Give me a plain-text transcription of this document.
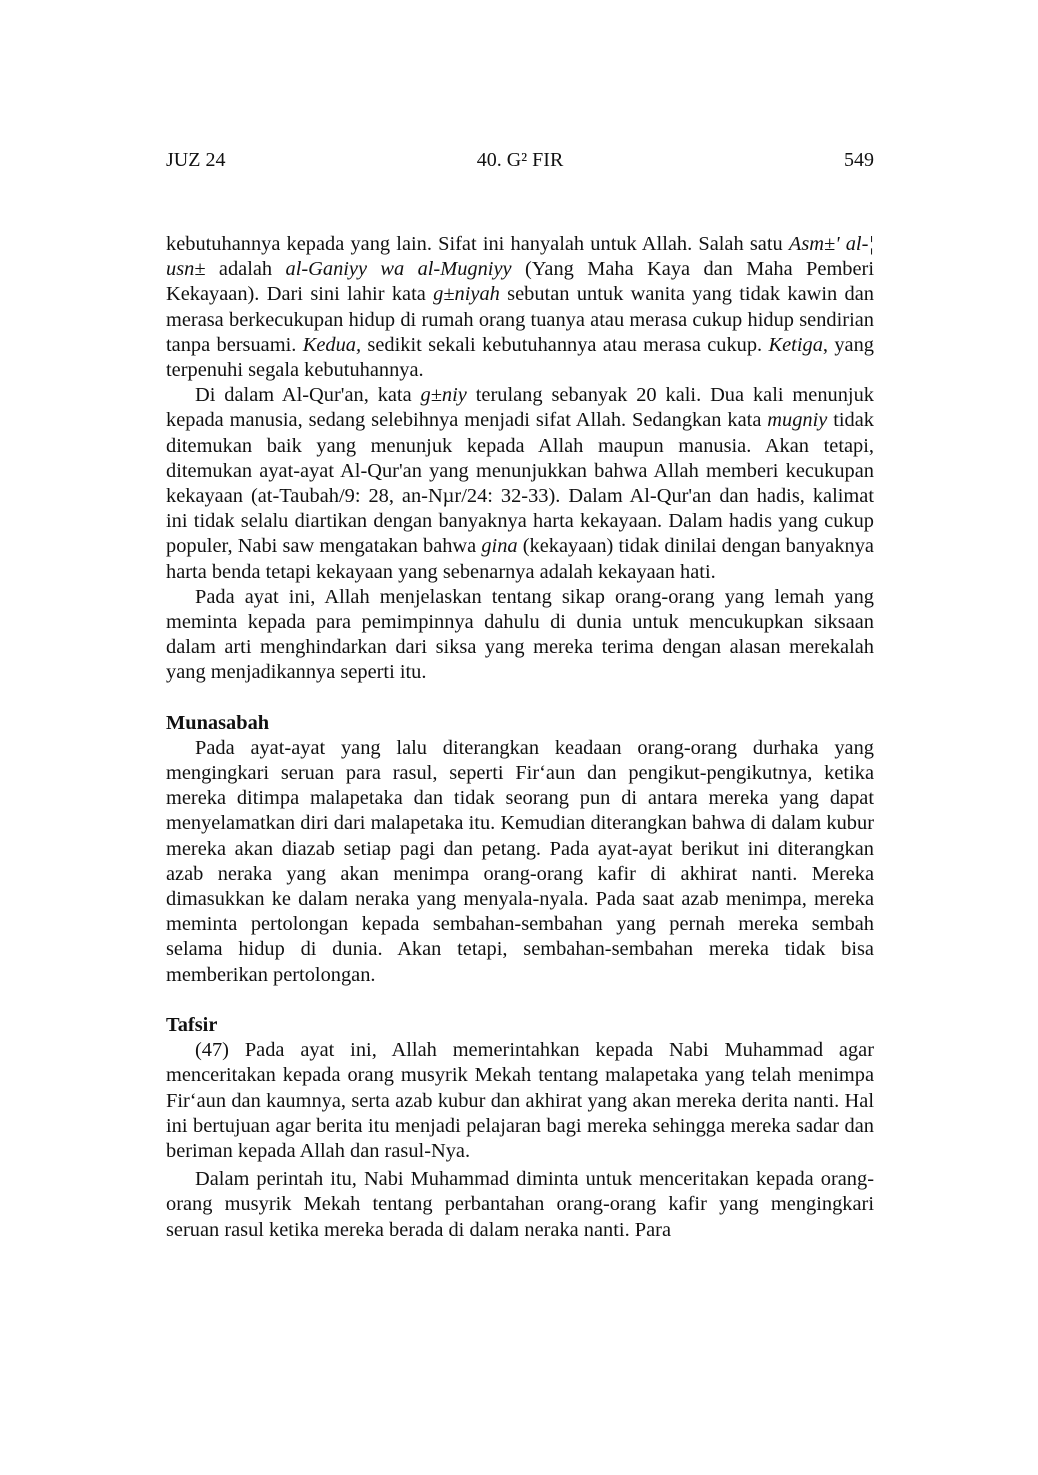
JUZ 24	40. G² FIR	549

kebutuhannya kepada yang lain. Sifat ini hanyalah untuk Allah. Salah satu Asm±' al-¦ usn± adalah al-Ganiyy wa al-Mugniyy (Yang Maha Kaya dan Maha Pemberi Kekayaan). Dari sini lahir kata g±niyah sebutan untuk wanita yang tidak kawin dan merasa berkecukupan hidup di rumah orang tuanya atau merasa cukup hidup sendirian tanpa bersuami. Kedua, sedikit sekali kebutuhannya atau merasa cukup. Ketiga, yang terpenuhi segala kebutuhannya.

Di dalam Al-Qur'an, kata g±niy terulang sebanyak 20 kali. Dua kali menunjuk kepada manusia, sedang selebihnya menjadi sifat Allah. Sedangkan kata mugniy tidak ditemukan baik yang menunjuk kepada Allah maupun manusia. Akan tetapi, ditemukan ayat-ayat Al-Qur'an yang menunjukkan bahwa Allah memberi kecukupan kekayaan (at-Taubah/9: 28, an-Nµr/24: 32-33). Dalam Al-Qur'an dan hadis, kalimat ini tidak selalu diartikan dengan banyaknya harta kekayaan. Dalam hadis yang cukup populer, Nabi saw mengatakan bahwa gina (kekayaan) tidak dinilai dengan banyaknya harta benda tetapi kekayaan yang sebenarnya adalah kekayaan hati.

Pada ayat ini, Allah menjelaskan tentang sikap orang-orang yang lemah yang meminta kepada para pemimpinnya dahulu di dunia untuk mencukupkan siksaan dalam arti menghindarkan dari siksa yang mereka terima dengan alasan merekalah yang menjadikannya seperti itu.

Munasabah

Pada ayat-ayat yang lalu diterangkan keadaan orang-orang durhaka yang mengingkari seruan para rasul, seperti Fir‘aun dan pengikut-pengikutnya, ketika mereka ditimpa malapetaka dan tidak seorang pun di antara mereka yang dapat menyelamatkan diri dari malapetaka itu. Kemudian diterangkan bahwa di dalam kubur mereka akan diazab setiap pagi dan petang. Pada ayat-ayat berikut ini diterangkan azab neraka yang akan menimpa orang-orang kafir di akhirat nanti. Mereka dimasukkan ke dalam neraka yang menyala-nyala. Pada saat azab menimpa, mereka meminta pertolongan kepada sembahan-sembahan yang pernah mereka sembah selama hidup di dunia. Akan tetapi, sembahan-sembahan mereka tidak bisa memberikan pertolongan.

Tafsir

(47) Pada ayat ini, Allah memerintahkan kepada Nabi Muhammad agar menceritakan kepada orang musyrik Mekah tentang malapetaka yang telah menimpa Fir‘aun dan kaumnya, serta azab kubur dan akhirat yang akan mereka derita nanti. Hal ini bertujuan agar berita itu menjadi pelajaran bagi mereka sehingga mereka sadar dan beriman kepada Allah dan rasul-Nya.

Dalam perintah itu, Nabi Muhammad diminta untuk menceritakan kepada orang-orang musyrik Mekah tentang perbantahan orang-orang kafir yang mengingkari seruan rasul ketika mereka berada di dalam neraka nanti. Para
